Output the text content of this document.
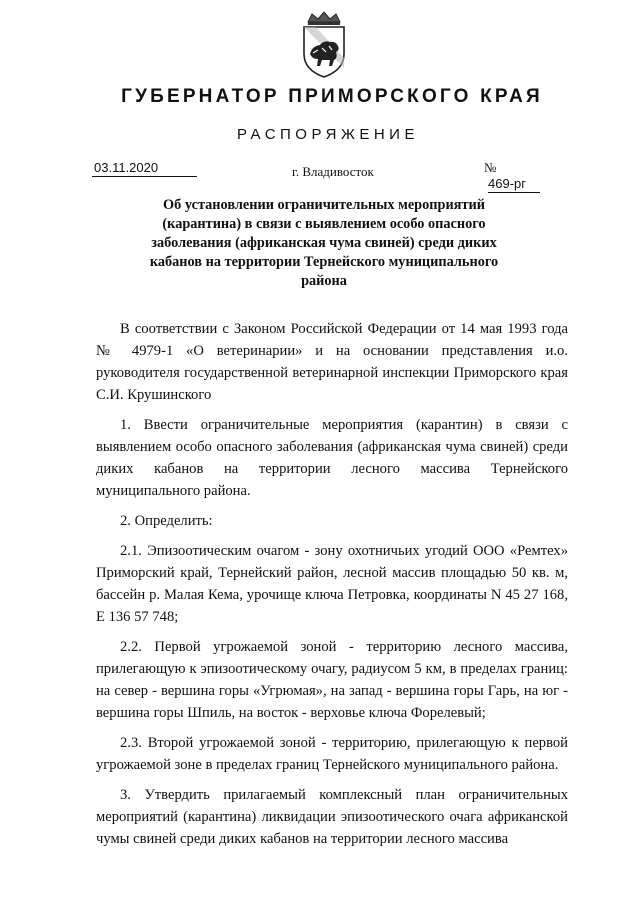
ГУБЕРНАТОР ПРИМОРСКОГО КРАЯ
РАСПОРЯЖЕНИЕ
03.11.2020	г. Владивосток	№469-рг
Об установлении ограничительных мероприятий (карантина) в связи с выявлением особо опасного заболевания (африканская чума свиней) среди диких кабанов на территории Тернейского муниципального района

В соответствии с Законом Российской Федерации от 14 мая 1993 года № 4979-1 «О ветеринарии» и на основании представления и.о. руководителя государственной ветеринарной инспекции Приморского края С.И. Крушинского

1. Ввести ограничительные мероприятия (карантин) в связи с выявлением особо опасного заболевания (африканская чума свиней) среди диких кабанов на территории лесного массива Тернейского муниципального района.

2. Определить:

2.1. Эпизоотическим очагом - зону охотничьих угодий ООО «Ремтех» Приморский край, Тернейский район, лесной массив площадью 50 кв. м, бассейн р. Малая Кема, урочище ключа Петровка, координаты N 45 27 168, E 136 57 748;

2.2. Первой угрожаемой зоной - территорию лесного массива, прилегающую к эпизоотическому очагу, радиусом 5 км, в пределах границ: на север - вершина горы «Угрюмая», на запад - вершина горы Гарь, на юг - вершина горы Шпиль, на восток - верховье ключа Форелевый;

2.3. Второй угрожаемой зоной - территорию, прилегающую к первой угрожаемой зоне в пределах границ Тернейского муниципального района.

3. Утвердить прилагаемый комплексный план ограничительных мероприятий (карантина) ликвидации эпизоотического очага африканской чумы свиней среди диких кабанов на территории лесного массива
